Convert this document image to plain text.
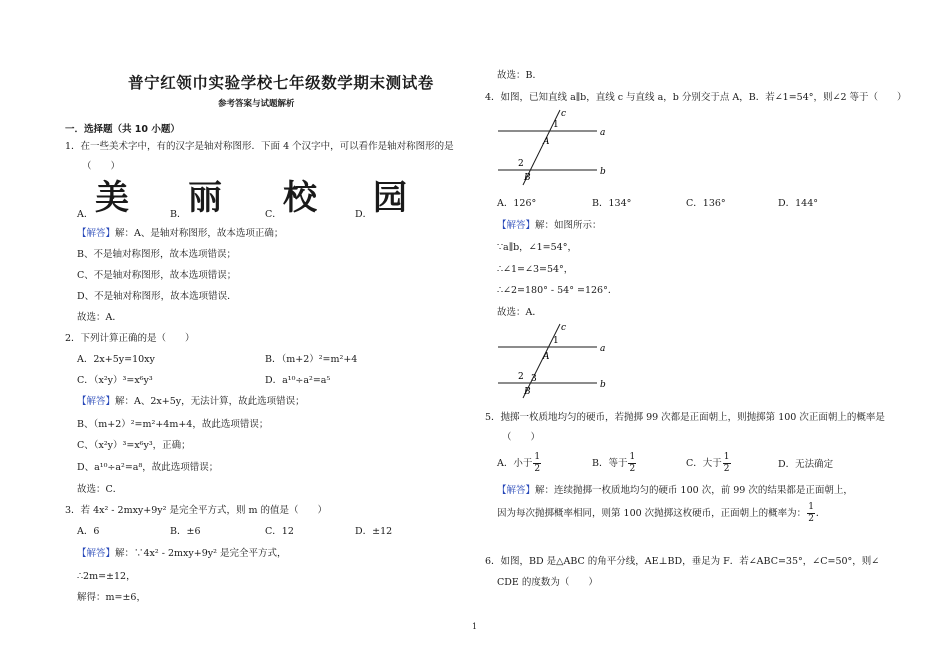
普宁红领巾实验学校七年级数学期末测试卷
参考答案与试题解析
一．选择题（共 10 小题）
1．在一些美术字中，有的汉字是轴对称图形．下面 4 个汉字中，可以看作是轴对称图形的是
（　　）
美 丽 校 园
A．	B．	C．	D．
【解答】解：A、是轴对称图形，故本选项正确；
B、不是轴对称图形，故本选项错误；
C、不是轴对称图形，故本选项错误；
D、不是轴对称图形，故本选项错误．
故选：A．
2．下列计算正确的是（　　）
A．2x+5y=10xy	B．（m+2）²=m²+4
C．（x²y）³=x⁶y³	D．a¹⁰÷a²=a⁵
【解答】解：A、2x+5y，无法计算，故此选项错误；
B、（m+2）²=m²+4m+4，故此选项错误；
C、（x²y）³=x⁶y³，正确；
D、a¹⁰÷a²=a⁸，故此选项错误；
故选：C．
3．若 4x² - 2mxy+9y² 是完全平方式，则 m 的值是（　　）
A．6	B．±6	C．12	D．±12
【解答】解：∵4x² - 2mxy+9y² 是完全平方式，
∴2m=±12，
解得：m=±6，
故选：B．
4．如图，已知直线 a∥b，直线 c 与直线 a，b 分别交于点 A，B．若∠1=54°，则∠2 等于（　　）
c
a
b
1
A
2
B
A．126°	B．134°	C．136°	D．144°
【解答】解：如图所示：
∵a∥b，∠1=54°，
∴∠1=∠3=54°，
∴∠2=180° - 54° =126°．
故选：A．
c
a
b
1
A
2 3
B
5．抛掷一枚质地均匀的硬币，若抛掷 99 次都是正面朝上，则抛掷第 100 次正面朝上的概率是
（　　）
A．小于 $\frac{1}{2}$	B．等于 $\frac{1}{2}$	C．大于 $\frac{1}{2}$	D．无法确定
【解答】解：连续抛掷一枚质地均匀的硬币 100 次，前 99 次的结果都是正面朝上，
因为每次抛掷概率相同，则第 100 次抛掷这枚硬币，正面朝上的概率为： $\frac{1}{2}$ ．
6．如图，BD 是△ABC 的角平分线，AE⊥BD，垂足为 F．若∠ABC=35°，∠C=50°，则∠
CDE 的度数为（　　）
1
